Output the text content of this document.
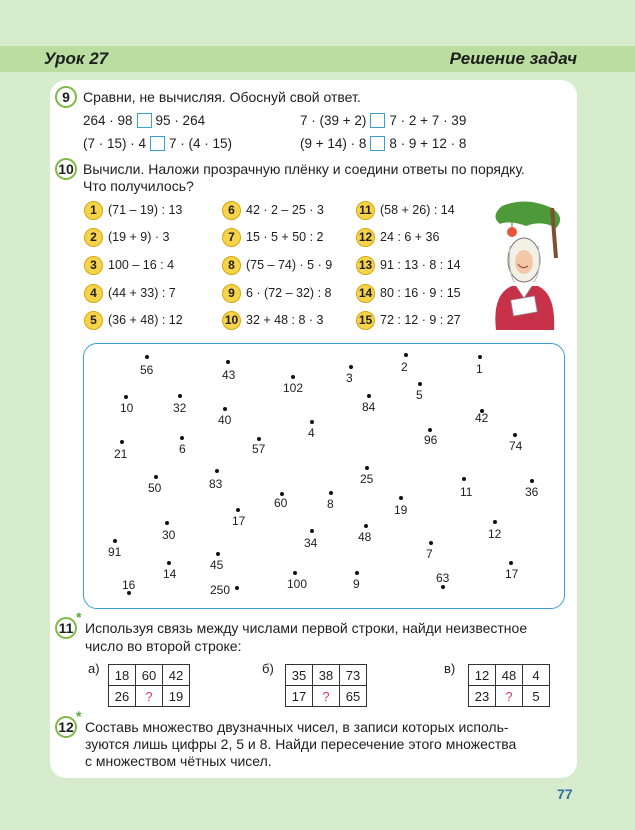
Урок 27	Решение задач
9 Сравни, не вычисляя. Обоснуй свой ответ.
264 · 98 95 · 264	7 · (39 + 2) 7 · 2 + 7 · 39
(7 · 15) · 4 7 · (4 · 15)	(9 + 14) · 8 8 · 9 + 12 · 8
10 Вычисли. Наложи прозрачную плёнку и соедини ответы по порядку.
Что получилось?
1 (71 – 19) : 13
2 (19 + 9) · 3
3 100 – 16 : 4
4 (44 + 33) : 7
5 (36 + 48) : 12
6 42 · 2 – 25 · 3
7 15 · 5 + 50 : 2
8 (75 – 74) · 5 · 9
9 6 · (72 – 32) : 8
10 32 + 48 : 8 · 3
11 (58 + 26) : 14
12 24 : 6 + 36
13 91 : 13 · 8 : 14
14 80 : 16 · 9 : 15
15 72 : 12 · 9 : 27
56	43
102
3
2	1
10	32	84
5
40	42
4
21	6	57
96	74
50	83	25
11	36
60	8	19
17
30	12
34	48
91	7
45
14	17
16	250	100	9	63
11
*
Используя связь между числами первой строки, найди неизвестное
число во второй строке:
а) 18	60	42
26	?	19
б) 35	38	73
17	?	65
в) 12	48	4
23	?	5
12
*
Составь множество двузначных чисел, в записи которых исполь-
зуются лишь цифры 2, 5 и 8. Найди пересечение этого множества
с множеством чётных чисел.
77
